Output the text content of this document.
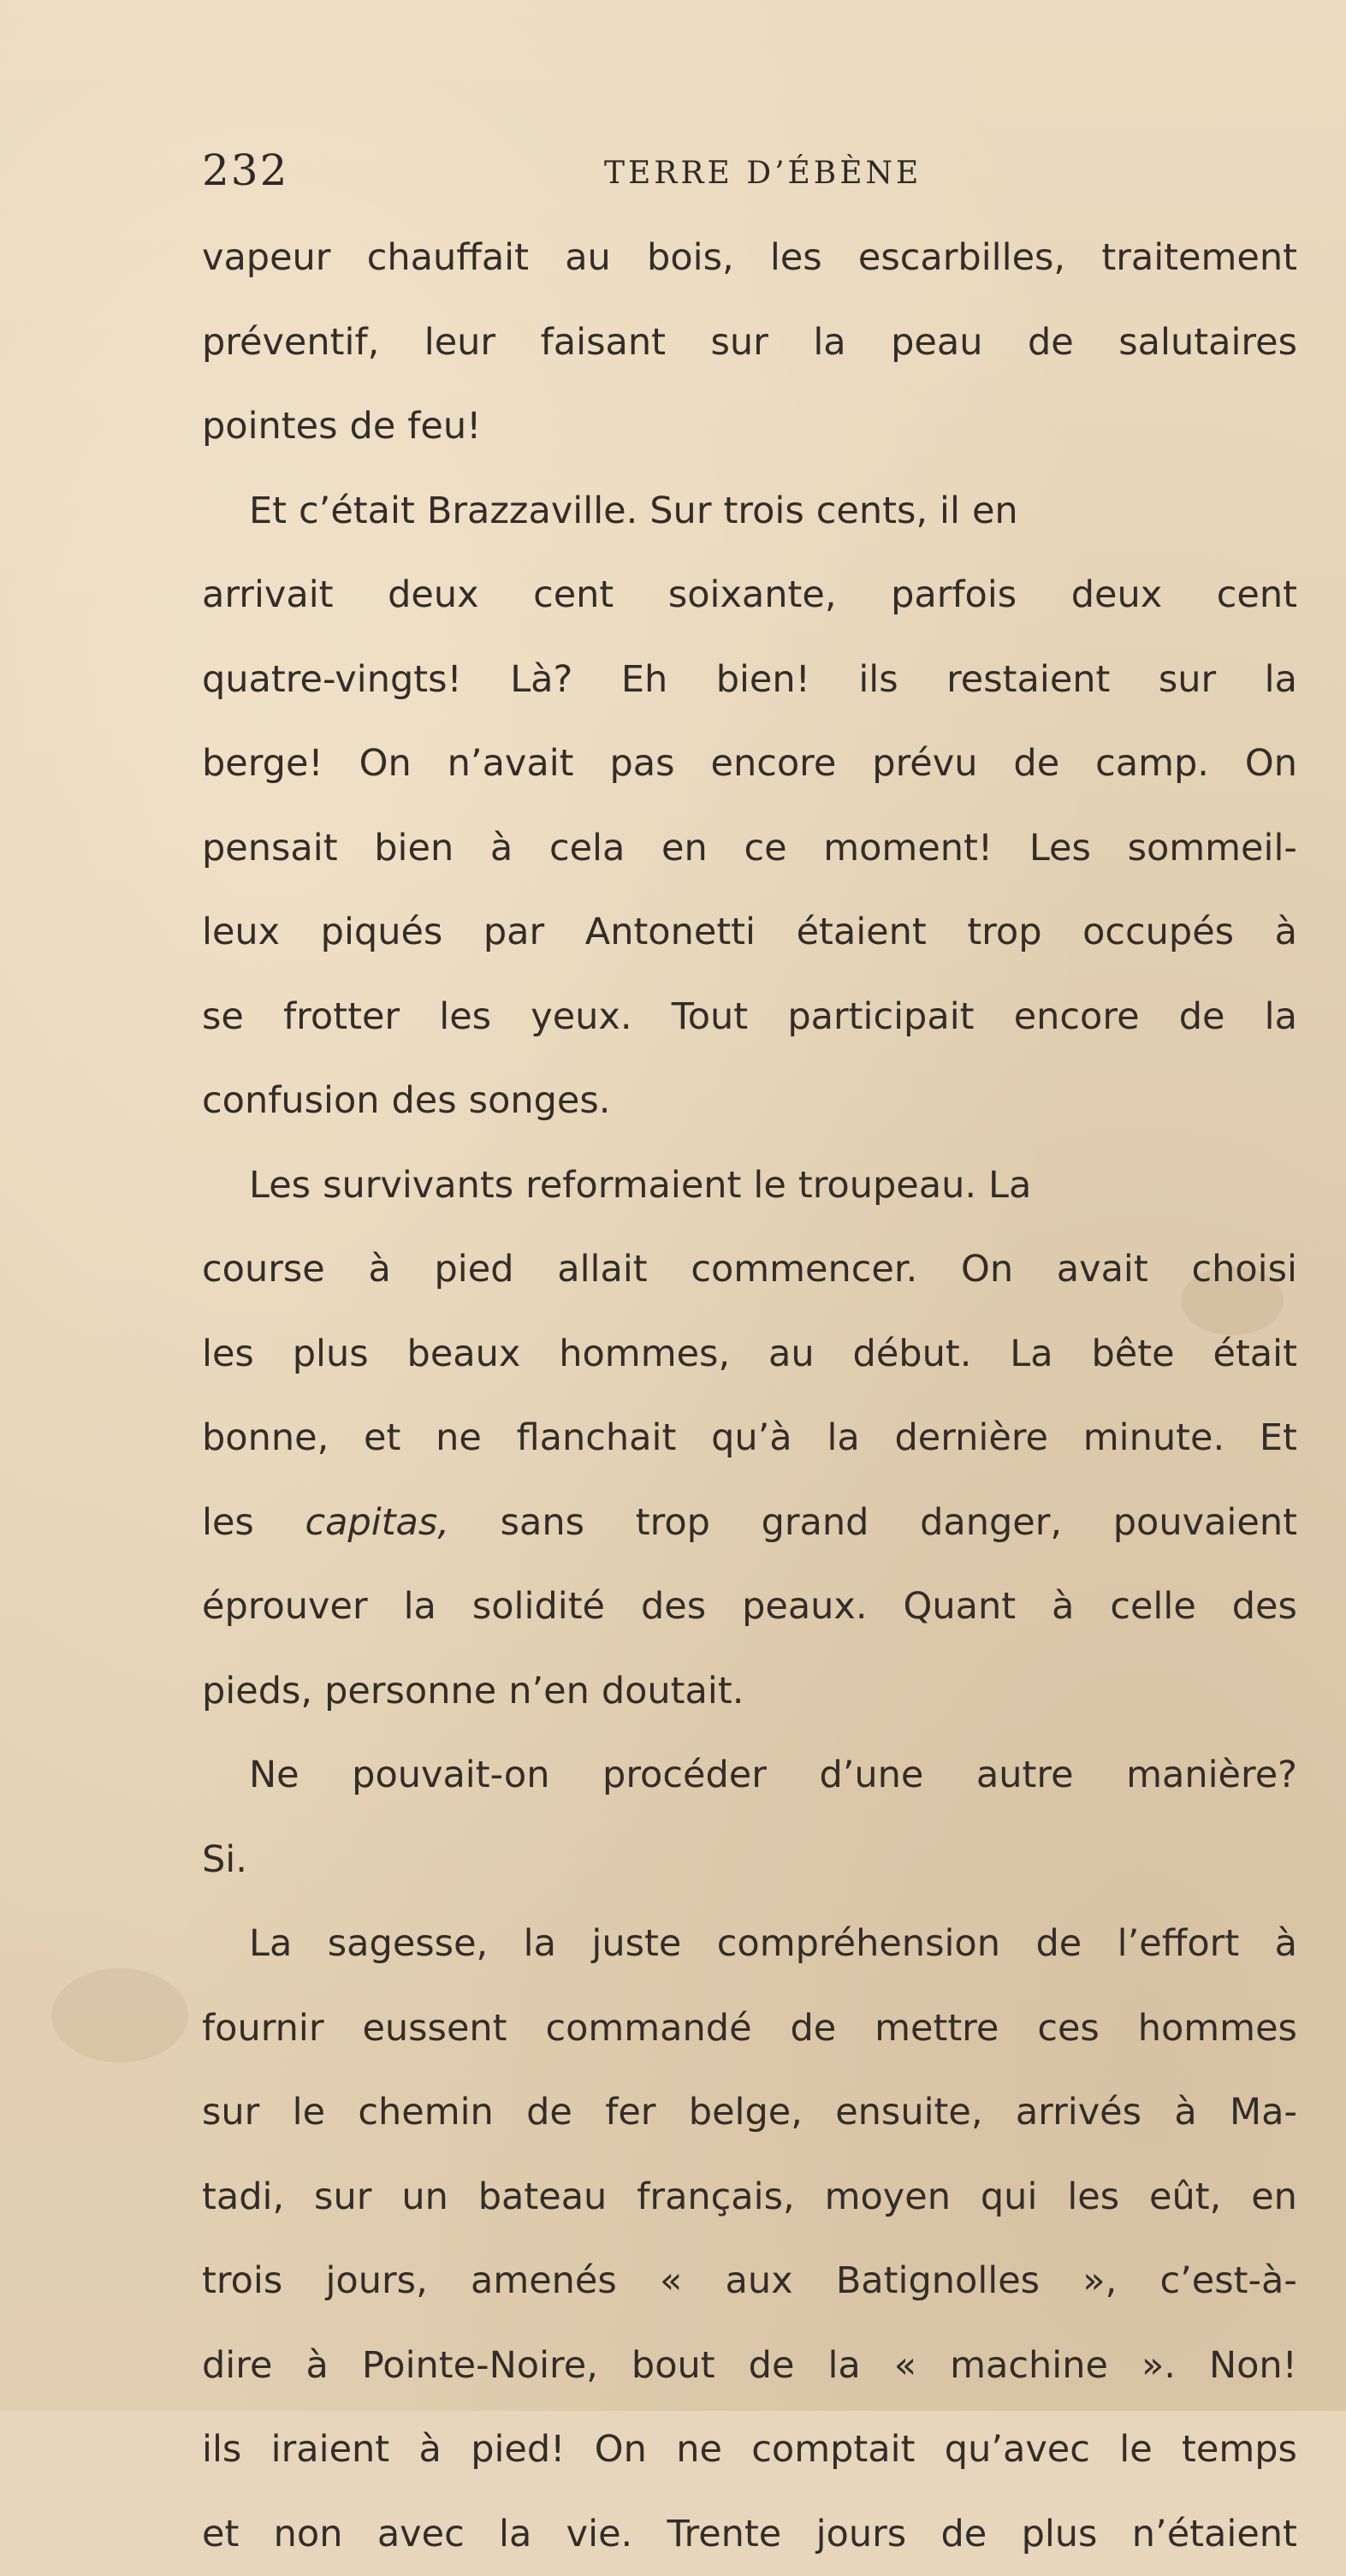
232	TERRE D’ÉBÈNE
vapeur chauffait au bois, les escarbilles, traitement
préventif, leur faisant sur la peau de salutaires
pointes de feu!
Et c’était Brazzaville. Sur trois cents, il en
arrivait deux cent soixante, parfois deux cent
quatre-vingts! Là? Eh bien! ils restaient sur la
berge! On n’avait pas encore prévu de camp. On
pensait bien à cela en ce moment! Les sommeil-
leux piqués par Antonetti étaient trop occupés à
se frotter les yeux. Tout participait encore de la
confusion des songes.
Les survivants reformaient le troupeau. La
course à pied allait commencer. On avait choisi
les plus beaux hommes, au début. La bête était
bonne, et ne flanchait qu’à la dernière minute. Et
les capitas, sans trop grand danger, pouvaient
éprouver la solidité des peaux. Quant à celle des
pieds, personne n’en doutait.
Ne pouvait-on procéder d’une autre manière?
Si.
La sagesse, la juste compréhension de l’effort à
fournir eussent commandé de mettre ces hommes
sur le chemin de fer belge, ensuite, arrivés à Ma-
tadi, sur un bateau français, moyen qui les eût, en
trois jours, amenés « aux Batignolles », c’est-à-
dire à Pointe-Noire, bout de la « machine ». Non!
ils iraient à pied! On ne comptait qu’avec le temps
et non avec la vie. Trente jours de plus n’étaient
